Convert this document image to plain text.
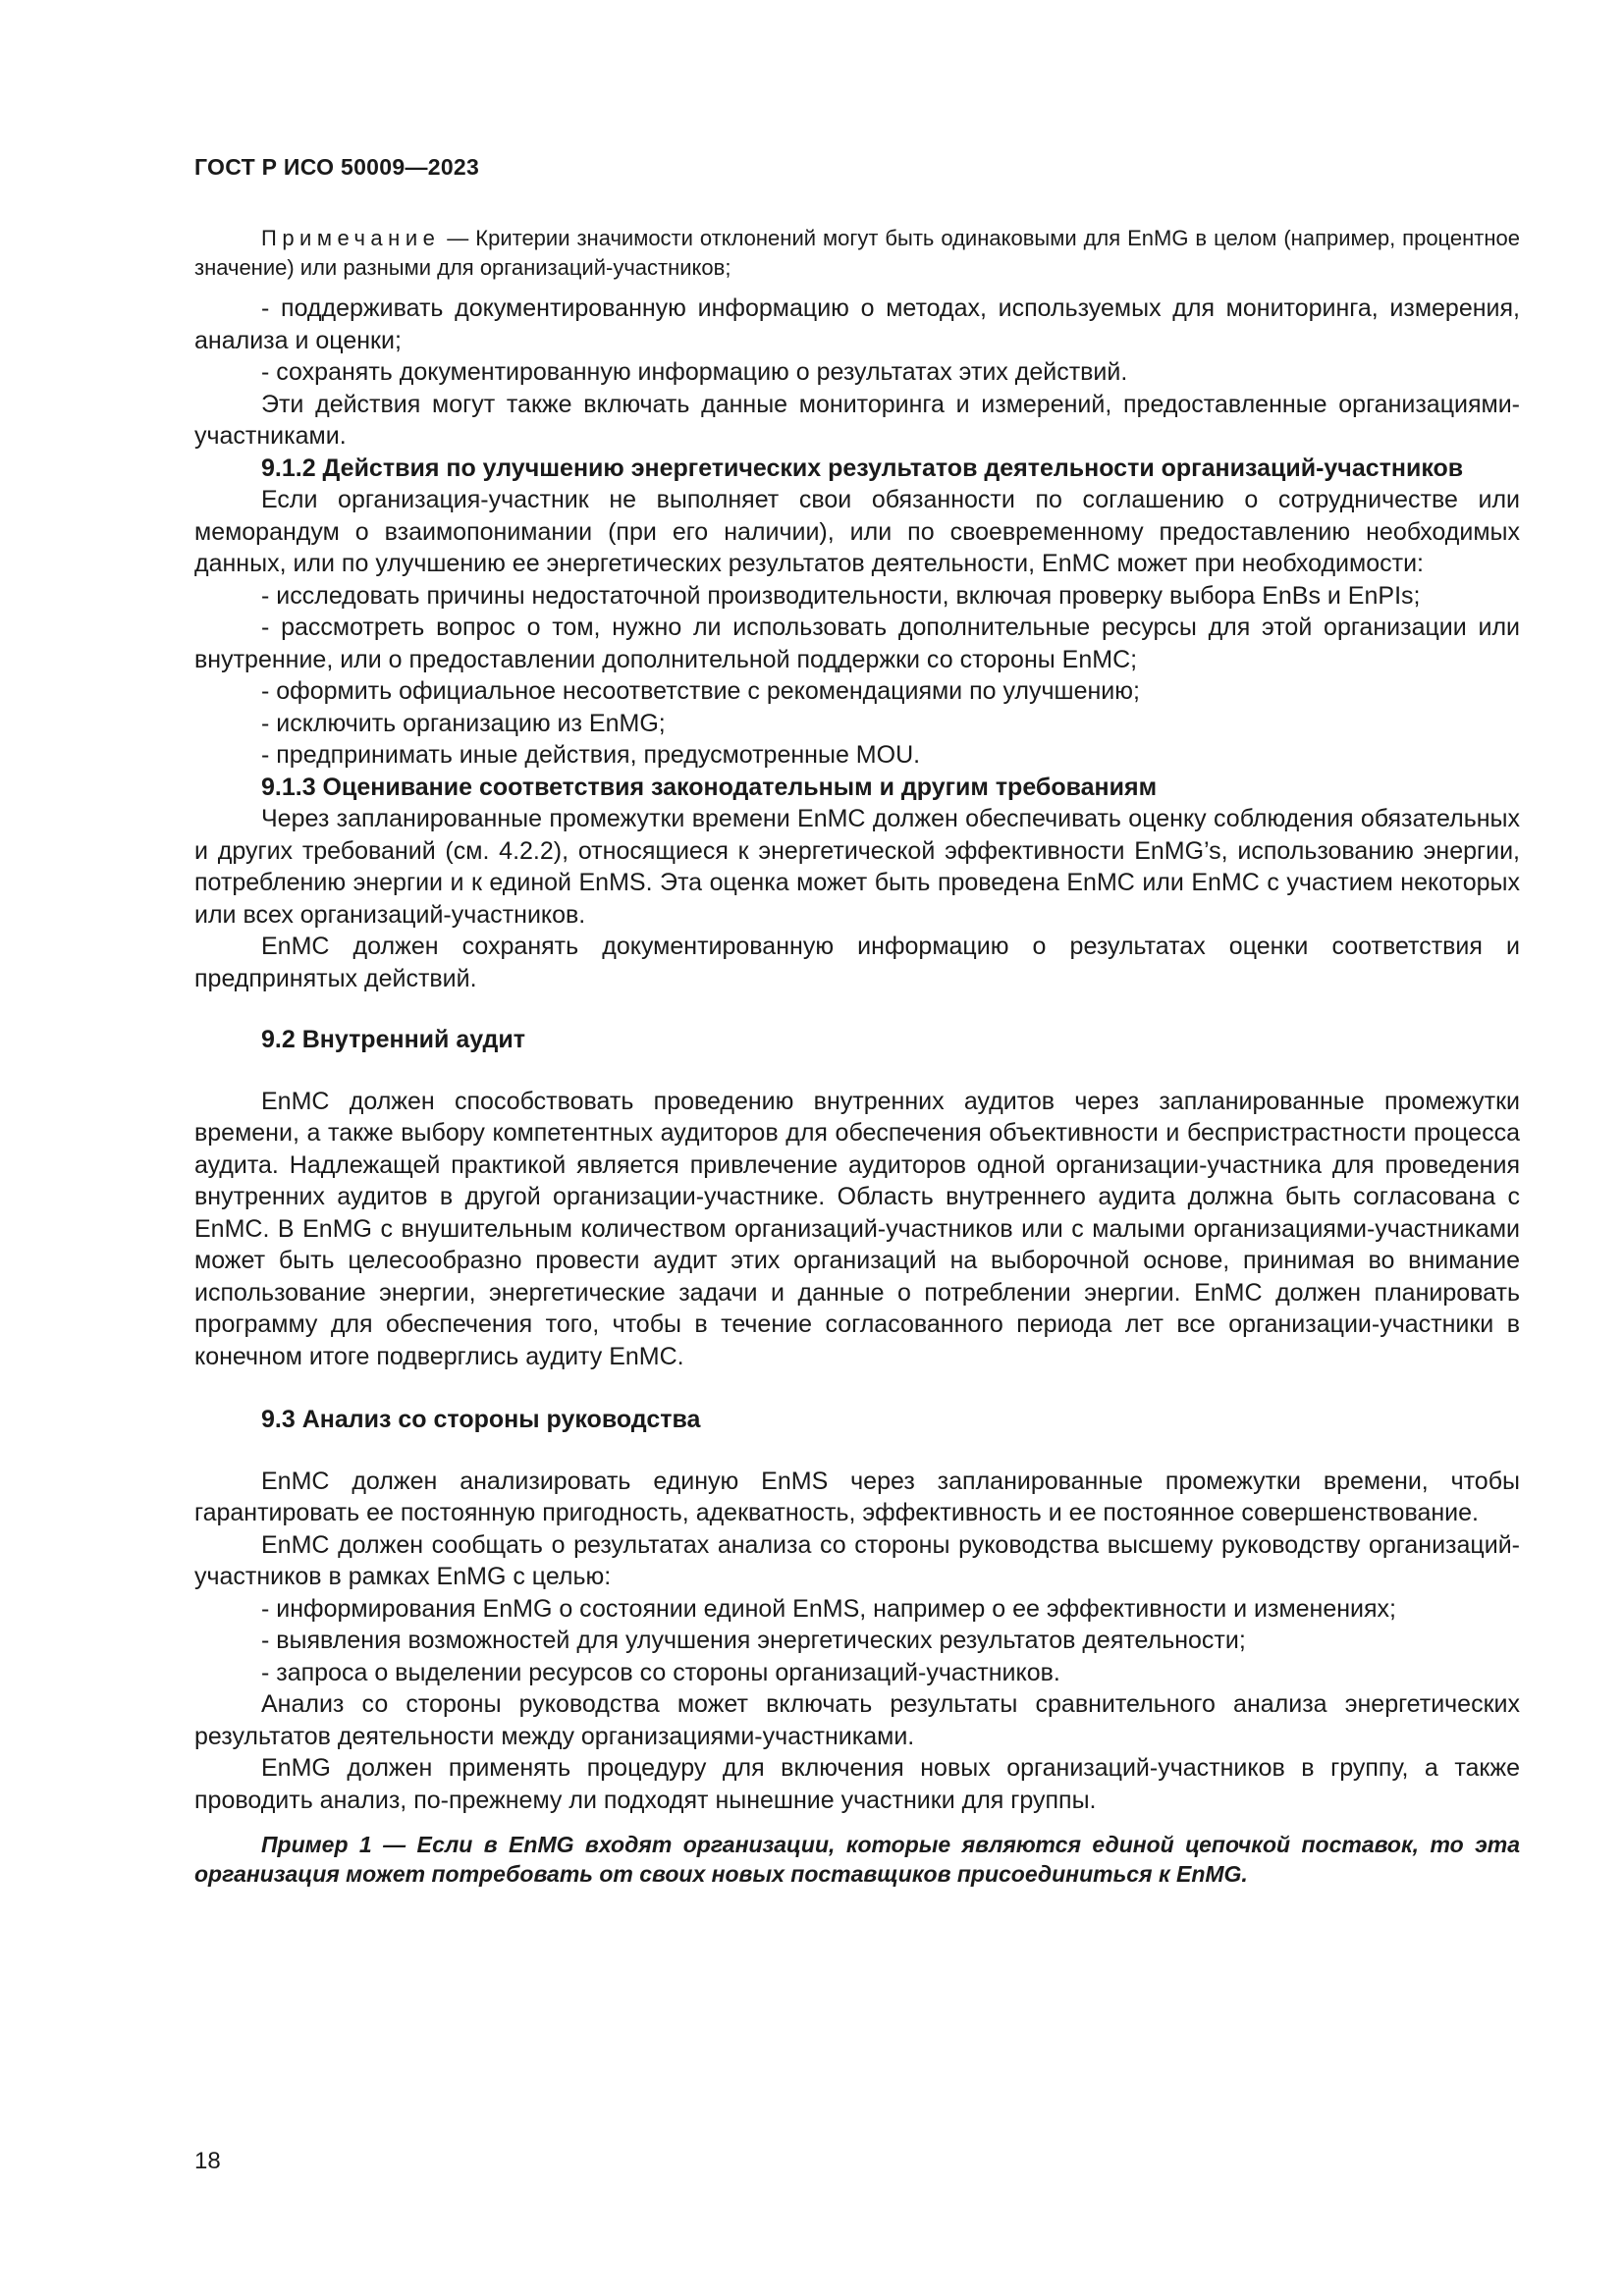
ГОСТ Р ИСО 50009—2023

Примечание — Критерии значимости отклонений могут быть одинаковыми для EnMG в целом (например, процентное значение) или разными для организаций-участников;

- поддерживать документированную информацию о методах, используемых для мониторинга, измерения, анализа и оценки;

- сохранять документированную информацию о результатах этих действий.

Эти действия могут также включать данные мониторинга и измерений, предоставленные организациями-участниками.

9.1.2 Действия по улучшению энергетических результатов деятельности организаций-участников

Если организация-участник не выполняет свои обязанности по соглашению о сотрудничестве или меморандум о взаимопонимании (при его наличии), или по своевременному предоставлению необходимых данных, или по улучшению ее энергетических результатов деятельности, EnMC может при необходимости:

- исследовать причины недостаточной производительности, включая проверку выбора EnBs и EnPIs;

- рассмотреть вопрос о том, нужно ли использовать дополнительные ресурсы для этой организации или внутренние, или о предоставлении дополнительной поддержки со стороны EnMC;

- оформить официальное несоответствие с рекомендациями по улучшению;

- исключить организацию из EnMG;

- предпринимать иные действия, предусмотренные MOU.

9.1.3 Оценивание соответствия законодательным и другим требованиям

Через запланированные промежутки времени EnMC должен обеспечивать оценку соблюдения обязательных и других требований (см. 4.2.2), относящиеся к энергетической эффективности EnMG’s, использованию энергии, потреблению энергии и к единой EnMS. Эта оценка может быть проведена EnMC или EnMC с участием некоторых или всех организаций-участников.

EnMC должен сохранять документированную информацию о результатах оценки соответствия и предпринятых действий.

9.2 Внутренний аудит

EnMC должен способствовать проведению внутренних аудитов через запланированные промежутки времени, а также выбору компетентных аудиторов для обеспечения объективности и беспристрастности процесса аудита. Надлежащей практикой является привлечение аудиторов одной организации-участника для проведения внутренних аудитов в другой организации-участнике. Область внутреннего аудита должна быть согласована с EnMC. В EnMG с внушительным количеством организаций-участников или с малыми организациями-участниками может быть целесообразно провести аудит этих организаций на выборочной основе, принимая во внимание использование энергии, энергетические задачи и данные о потреблении энергии. EnMC должен планировать программу для обеспечения того, чтобы в течение согласованного периода лет все организации-участники в конечном итоге подверглись аудиту EnMC.

9.3 Анализ со стороны руководства

EnMC должен анализировать единую EnMS через запланированные промежутки времени, чтобы гарантировать ее постоянную пригодность, адекватность, эффективность и ее постоянное совершенствование.

EnMC должен сообщать о результатах анализа со стороны руководства высшему руководству организаций-участников в рамках EnMG с целью:

- информирования EnMG о состоянии единой EnMS, например о ее эффективности и изменениях;

- выявления возможностей для улучшения энергетических результатов деятельности;

- запроса о выделении ресурсов со стороны организаций-участников.

Анализ со стороны руководства может включать результаты сравнительного анализа энергетических результатов деятельности между организациями-участниками.

EnMG должен применять процедуру для включения новых организаций-участников в группу, а также проводить анализ, по-прежнему ли подходят нынешние участники для группы.

Пример 1 — Если в EnMG входят организации, которые являются единой цепочкой поставок, то эта организация может потребовать от своих новых поставщиков присоединиться к EnMG.

18
